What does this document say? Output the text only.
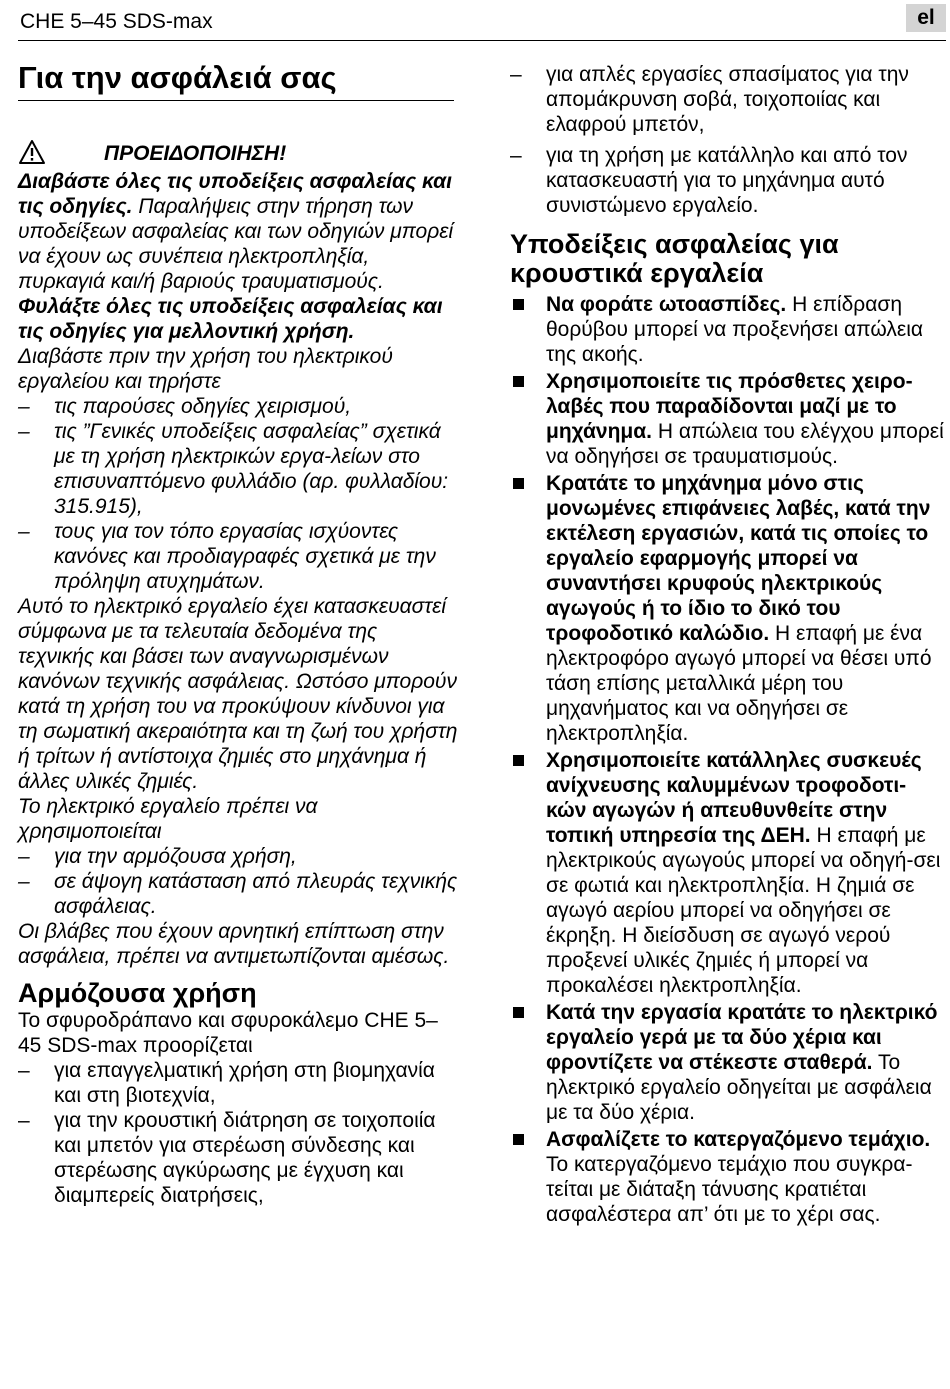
CHE 5–45 SDS-max	el
Για την ασφάλειά σας
ΠΡΟΕΙΔΟΠΟΙΗΣΗ!

Διαβάστε όλες τις υποδείξεις ασφαλείας και τις οδηγίες. Παραλήψεις στην τήρηση των υποδείξεων ασφαλείας και των οδηγιών μπορεί να έχουν ως συνέπεια ηλεκτροπληξία, πυρκαγιά και/ή βαριούς τραυματισμούς. Φυλάξτε όλες τις υποδείξεις ασφαλείας και τις οδηγίες για μελλοντική χρήση.

Διαβάστε πριν την χρήση του ηλεκτρικού εργαλείου και τηρήστε

– τις παρούσες οδηγίες χειρισμού,
– τις ”Γενικές υποδείξεις ασφαλείας” σχετικά με τη χρήση ηλεκτρικών εργα-λείων στο επισυναπτόμενο φυλλάδιο (αρ. φυλλαδίου: 315.915),
– τους για τον τόπο εργασίας ισχύοντες κανόνες και προδιαγραφές σχετικά με την πρόληψη ατυχημάτων.

Αυτό το ηλεκτρικό εργαλείο έχει κατασκευαστεί σύμφωνα με τα τελευταία δεδομένα της τεχνικής και βάσει των αναγνωρισμένων κανόνων τεχνικής ασφάλειας. Ωστόσο μπορούν κατά τη χρήση του να προκύψουν κίνδυνοι για τη σωματική ακεραιότητα και τη ζωή του χρήστη ή τρίτων ή αντίστοιχα ζημιές στο μηχάνημα ή άλλες υλικές ζημιές.

Το ηλεκτρικό εργαλείο πρέπει να χρησιμοποιείται

– για την αρμόζουσα χρήση,
– σε άψογη κατάσταση από πλευράς τεχνικής ασφάλειας.

Οι βλάβες που έχουν αρνητική επίπτωση στην ασφάλεια, πρέπει να αντιμετωπίζονται αμέσως.

Αρμόζουσα χρήση

Το σφυροδράπανο και σφυροκάλεμο CHE 5–45 SDS-max προορίζεται

– για επαγγελματική χρήση στη βιομηχανία και στη βιοτεχνία,
– για την κρουστική διάτρηση σε τοιχοποιία και μπετόν για στερέωση σύνδεσης και στερέωσης αγκύρωσης με έγχυση και διαμπερείς διατρήσεις,
– για απλές εργασίες σπασίματος για την απομάκρυνση σοβά, τοιχοποιίας και ελαφρού μπετόν,
– για τη χρήση με κατάλληλο και από τον κατασκευαστή για το μηχάνημα αυτό συνιστώμενο εργαλείο.
Υποδείξεις ασφαλείας για κρουστικά εργαλεία
Να φοράτε ωτοασπίδες. Η επίδραση θορύβου μπορεί να προξενήσει απώλεια της ακοής.
Χρησιμοποιείτε τις πρόσθετες χειρο-λαβές που παραδίδονται μαζί με το μηχάνημα. Η απώλεια του ελέγχου μπορεί να οδηγήσει σε τραυματισμούς.
Κρατάτε το μηχάνημα μόνο στις μονωμένες επιφάνειες λαβές, κατά την εκτέλεση εργασιών, κατά τις οποίες το εργαλείο εφαρμογής μπορεί να συναντήσει κρυφούς ηλεκτρικούς αγωγούς ή το ίδιο το δικό του τροφοδοτικό καλώδιο. Η επαφή με ένα ηλεκτροφόρο αγωγό μπορεί να θέσει υπό τάση επίσης μεταλλικά μέρη του μηχανήματος και να οδηγήσει σε ηλεκτροπληξία.
Χρησιμοποιείτε κατάλληλες συσκευές ανίχνευσης καλυμμένων τροφοδοτι-κών αγωγών ή απευθυνθείτε στην τοπική υπηρεσία της ΔΕΗ. Η επαφή με ηλεκτρικούς αγωγούς μπορεί να οδηγή-σει σε φωτιά και ηλεκτροπληξία. Η ζημιά σε αγωγό αερίου μπορεί να οδηγήσει σε έκρηξη. Η διείσδυση σε αγωγό νερού προξενεί υλικές ζημιές ή μπορεί να προκαλέσει ηλεκτροπληξία.
Κατά την εργασία κρατάτε το ηλεκτρικό εργαλείο γερά με τα δύο χέρια και φροντίζετε να στέκεστε σταθερά. Το ηλεκτρικό εργαλείο οδηγείται με ασφάλεια με τα δύο χέρια.
Ασφαλίζετε το κατεργαζόμενο τεμάχιο. Το κατεργαζόμενο τεμάχιο που συγκρα-τείται με διάταξη τάνυσης κρατιέται ασφαλέστερα απ’ ότι με το χέρι σας.
